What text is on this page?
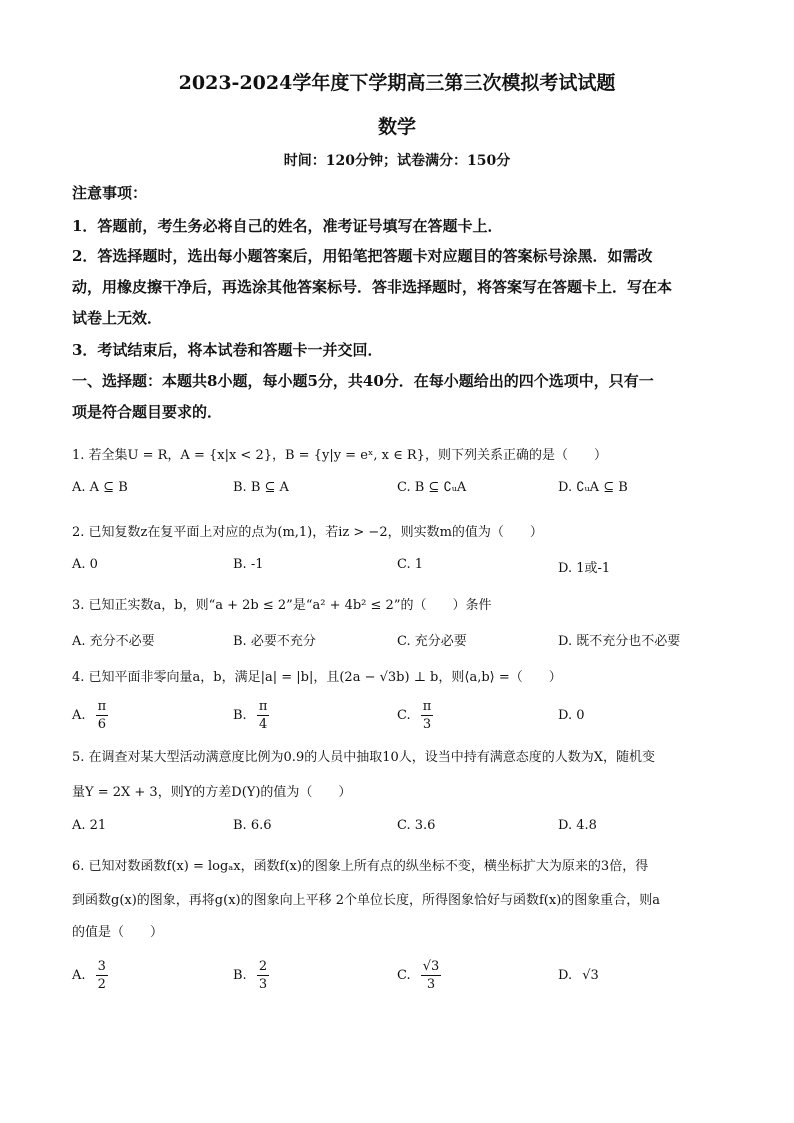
2023-2024学年度下学期高三第三次模拟考试试题
数学
时间：120分钟；试卷满分：150分
注意事项：
1．答题前，考生务必将自己的姓名，准考证号填写在答题卡上．
2．答选择题时，选出每小题答案后，用铅笔把答题卡对应题目的答案标号涂黑．如需改
动，用橡皮擦干净后，再选涂其他答案标号．答非选择题时，将答案写在答题卡上．写在本
试卷上无效．
3．考试结束后，将本试卷和答题卡一并交回．
一、选择题：本题共8小题，每小题5分，共40分．在每小题给出的四个选项中，只有一
项是符合题目要求的．
1. 若全集U = R，A = {x|x < 2}，B = {y|y = eˣ, x ∈ R}，则下列关系正确的是（　　）
A. A ⊆ B	B. B ⊆ A	C. B ⊆ ∁ᵤA	D. ∁ᵤA ⊆ B
2. 已知复数z在复平面上对应的点为(m,1)，若iz > −2，则实数m的值为（　　）
A. 0	B. -1	C. 1	D. 1或-1
3. 已知正实数a，b，则“a + 2b ≤ 2”是“a² + 4b² ≤ 2”的（　　）条件
A. 充分不必要	B. 必要不充分	C. 充分必要	D. 既不充分也不必要
4. 已知平面非零向量a，b，满足|a| = |b|，且(2a − √3b) ⊥ b，则⟨a,b⟩ =（　　）
A. $\frac{\pi}{6}$	B. $\frac{\pi}{4}$	C. $\frac{\pi}{3}$	D. 0
5. 在调查对某大型活动满意度比例为0.9的人员中抽取10人，设当中持有满意态度的人数为X，随机变
量Y = 2X + 3，则Y的方差D(Y)的值为（　　）
A. 21	B. 6.6	C. 3.6	D. 4.8
6. 已知对数函数f(x) = logₐx，函数f(x)的图象上所有点的纵坐标不变，横坐标扩大为原来的3倍，得
到函数g(x)的图象，再将g(x)的图象向上平移 2个单位长度，所得图象恰好与函数f(x)的图象重合，则a
的值是（　　）
A. $\frac{3}{2}$	B. $\frac{2}{3}$	C. $\frac{√3}{3}$	D. √3
